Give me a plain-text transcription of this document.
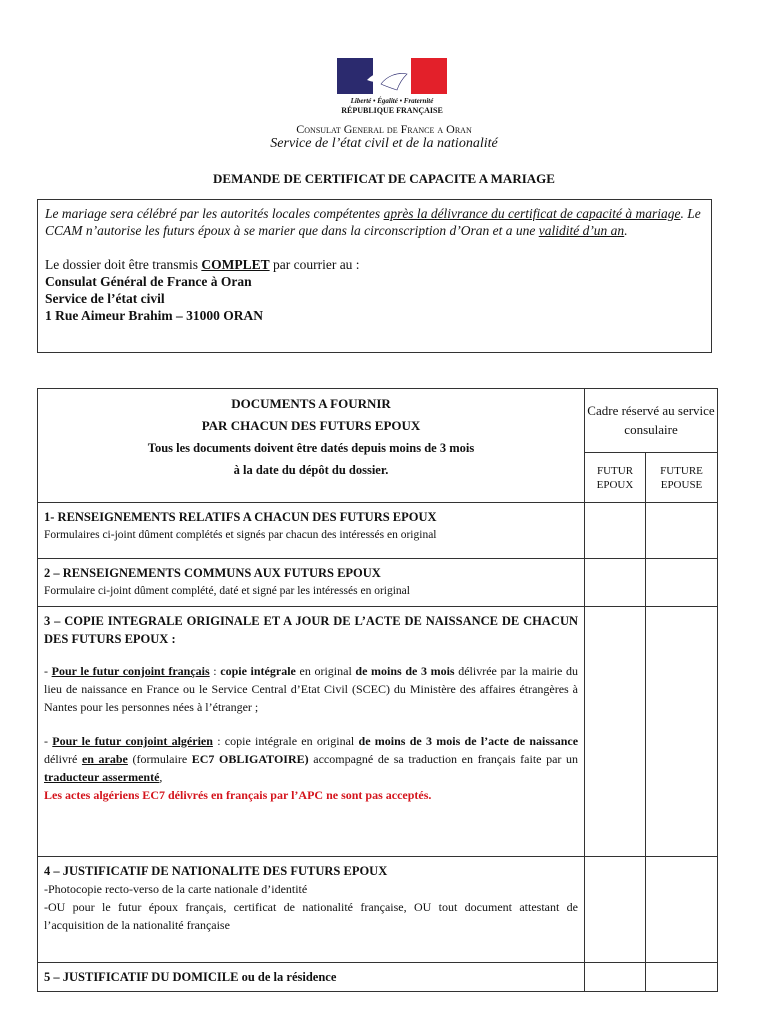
Liberté • Égalité • Fraternité
RÉPUBLIQUE FRANÇAISE
Consulat General de France a Oran
Service de l’état civil et de la nationalité
DEMANDE DE CERTIFICAT DE CAPACITE A MARIAGE
Le mariage sera célébré par les autorités locales compétentes après la délivrance du certificat de capacité à mariage. Le CCAM n’autorise les futurs époux à se marier que dans la circonscription d’Oran et a une validité d’un an.
Le dossier doit être transmis COMPLET par courrier au :
Consulat Général de France à Oran
Service de l’état civil
1 Rue Aimeur Brahim – 31000 ORAN
DOCUMENTS A FOURNIR
PAR CHACUN DES FUTURS EPOUX
Tous les documents doivent être datés depuis moins de 3 mois
à la date du dépôt du dossier.	Cadre réservé au service consulaire	
	FUTUR EPOUX	FUTURE EPOUSE

1- RENSEIGNEMENTS RELATIFS A CHACUN DES FUTURS EPOUX
Formulaires ci-joint dûment complétés et signés par chacun des intéressés en original		

2 – RENSEIGNEMENTS COMMUNS AUX FUTURS EPOUX
Formulaire ci-joint dûment complété, daté et signé par les intéressés en original		

3 – COPIE INTEGRALE ORIGINALE ET A JOUR DE L’ACTE DE NAISSANCE DE CHACUN DES FUTURS EPOUX :
- Pour le futur conjoint français : copie intégrale en original de moins de 3 mois délivrée par la mairie du lieu de naissance en France ou le Service Central d’Etat Civil (SCEC) du Ministère des affaires étrangères à Nantes pour les personnes nées à l’étranger ;
- Pour le futur conjoint algérien : copie intégrale en original de moins de 3 mois de l’acte de naissance délivré en arabe (formulaire EC7 OBLIGATOIRE) accompagné de sa traduction en français faite par un traducteur assermenté,
Les actes algériens EC7 délivrés en français par l’APC ne sont pas acceptés.		

4 – JUSTIFICATIF DE NATIONALITE DES FUTURS EPOUX
-Photocopie recto-verso de la carte nationale d’identité
-OU pour le futur époux français, certificat de nationalité française, OU tout document attestant de l’acquisition de la nationalité française		

5 – JUSTIFICATIF DU DOMICILE ou de la résidence		
